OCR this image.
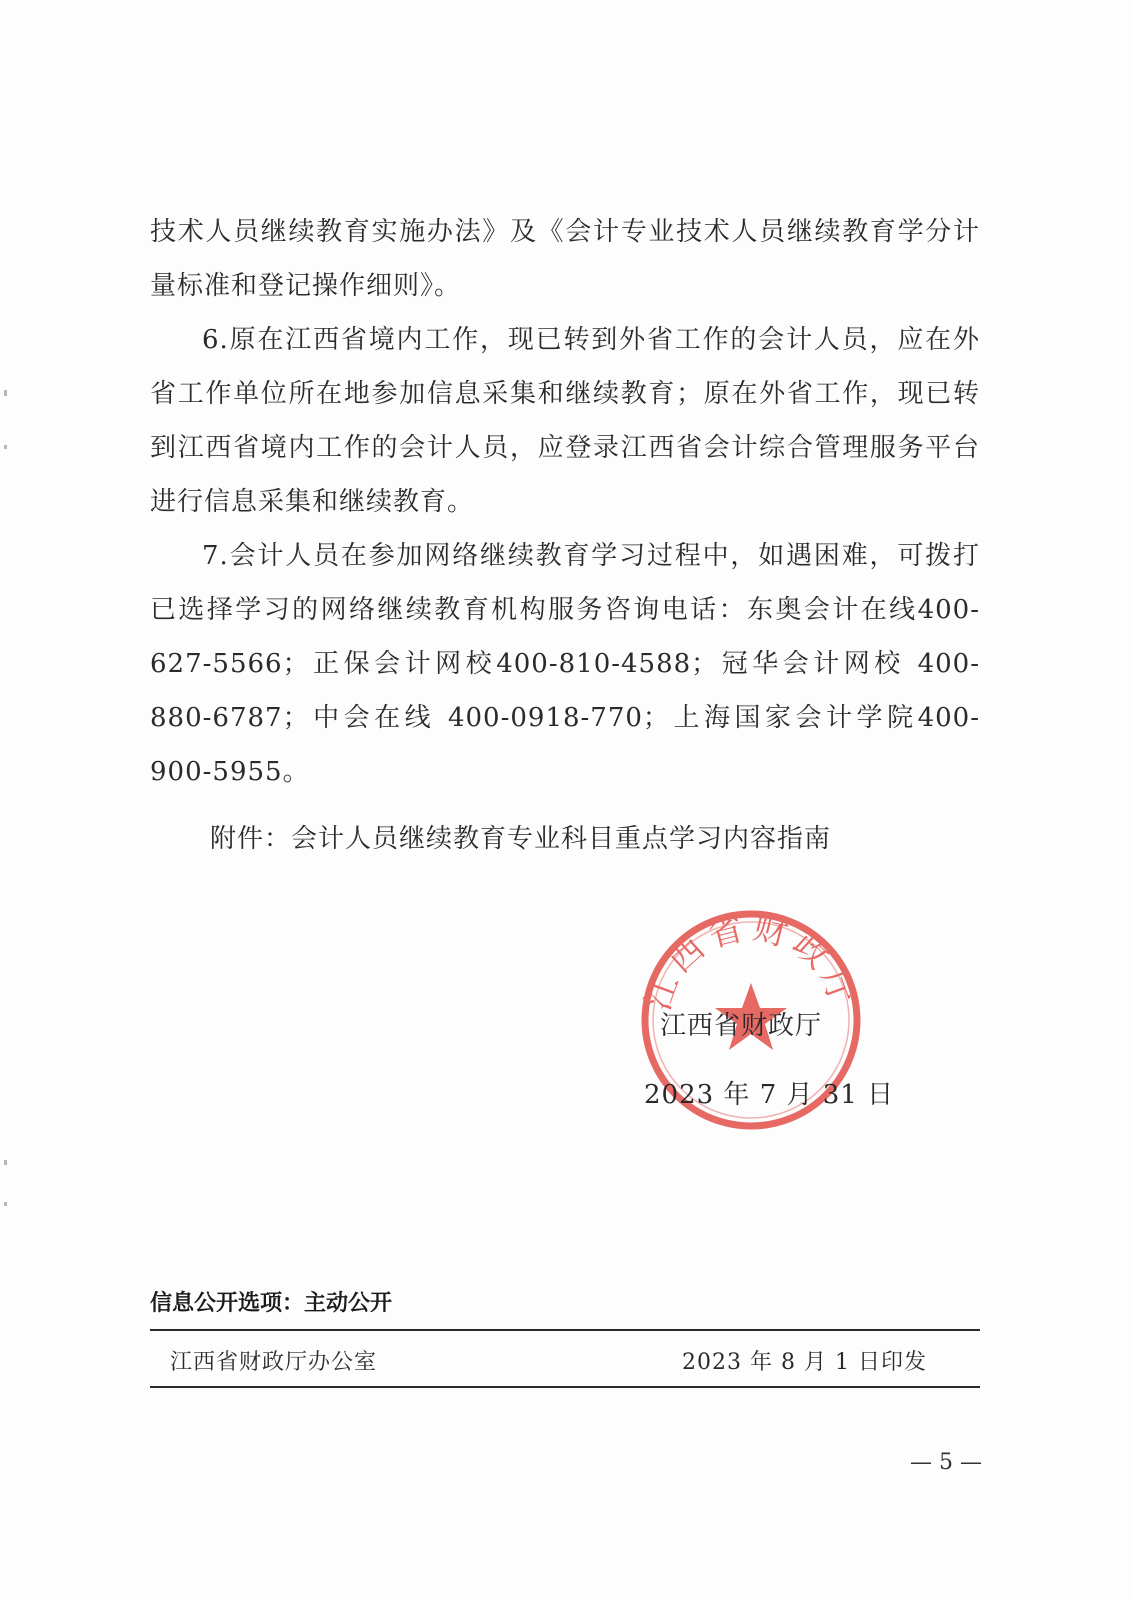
技术人员继续教育实施办法》及《会计专业技术人员继续教育学分计量标准和登记操作细则》。

6.原在江西省境内工作，现已转到外省工作的会计人员，应在外省工作单位所在地参加信息采集和继续教育；原在外省工作，现已转到江西省境内工作的会计人员，应登录江西省会计综合管理服务平台进行信息采集和继续教育。

7.会计人员在参加网络继续教育学习过程中，如遇困难，可拨打已选择学习的网络继续教育机构服务咨询电话：东奥会计在线400-627-5566；正保会计网校400-810-4588；冠华会计网校 400-880-6787；中会在线 400-0918-770；上海国家会计学院400-900-5955。

附件：会计人员继续教育专业科目重点学习内容指南
江西省财政厅
江西省财政厅
2023 年 7 月 31 日
信息公开选项：主动公开
江西省财政厅办公室	2023 年 8 月 1 日印发
— 5 —
